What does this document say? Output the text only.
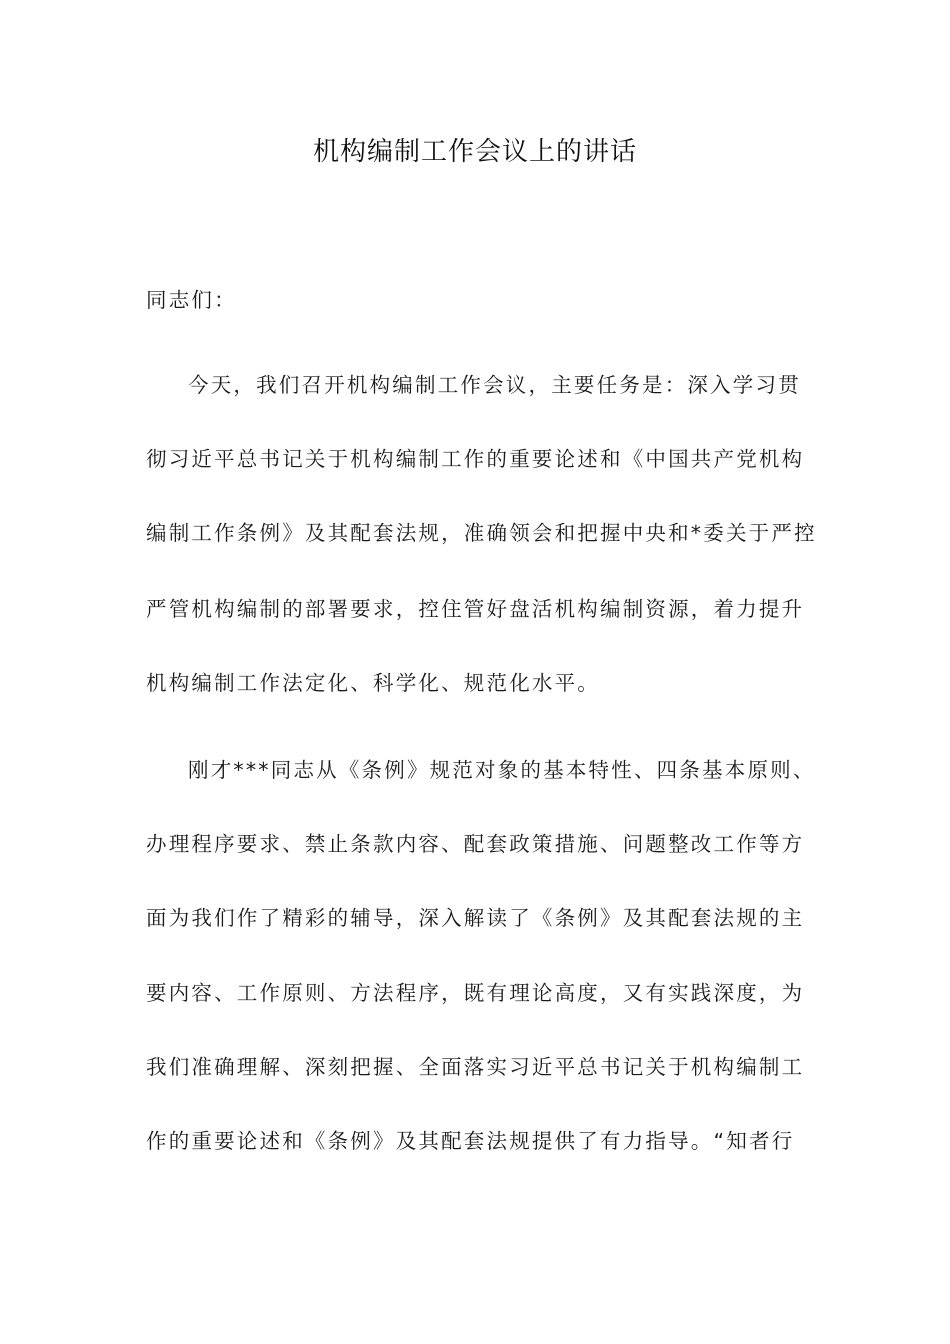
机构编制工作会议上的讲话
同志们：
今天，我们召开机构编制工作会议，主要任务是：深入学习贯
彻习近平总书记关于机构编制工作的重要论述和《中国共产党机构
编制工作条例》及其配套法规，准确领会和把握中央和*委关于严控
严管机构编制的部署要求，控住管好盘活机构编制资源，着力提升
机构编制工作法定化、科学化、规范化水平。
刚才***同志从《条例》规范对象的基本特性、四条基本原则、
办理程序要求、禁止条款内容、配套政策措施、问题整改工作等方
面为我们作了精彩的辅导，深入解读了《条例》及其配套法规的主
要内容、工作原则、方法程序，既有理论高度，又有实践深度，为
我们准确理解、深刻把握、全面落实习近平总书记关于机构编制工
作的重要论述和《条例》及其配套法规提供了有力指导。“知者行
